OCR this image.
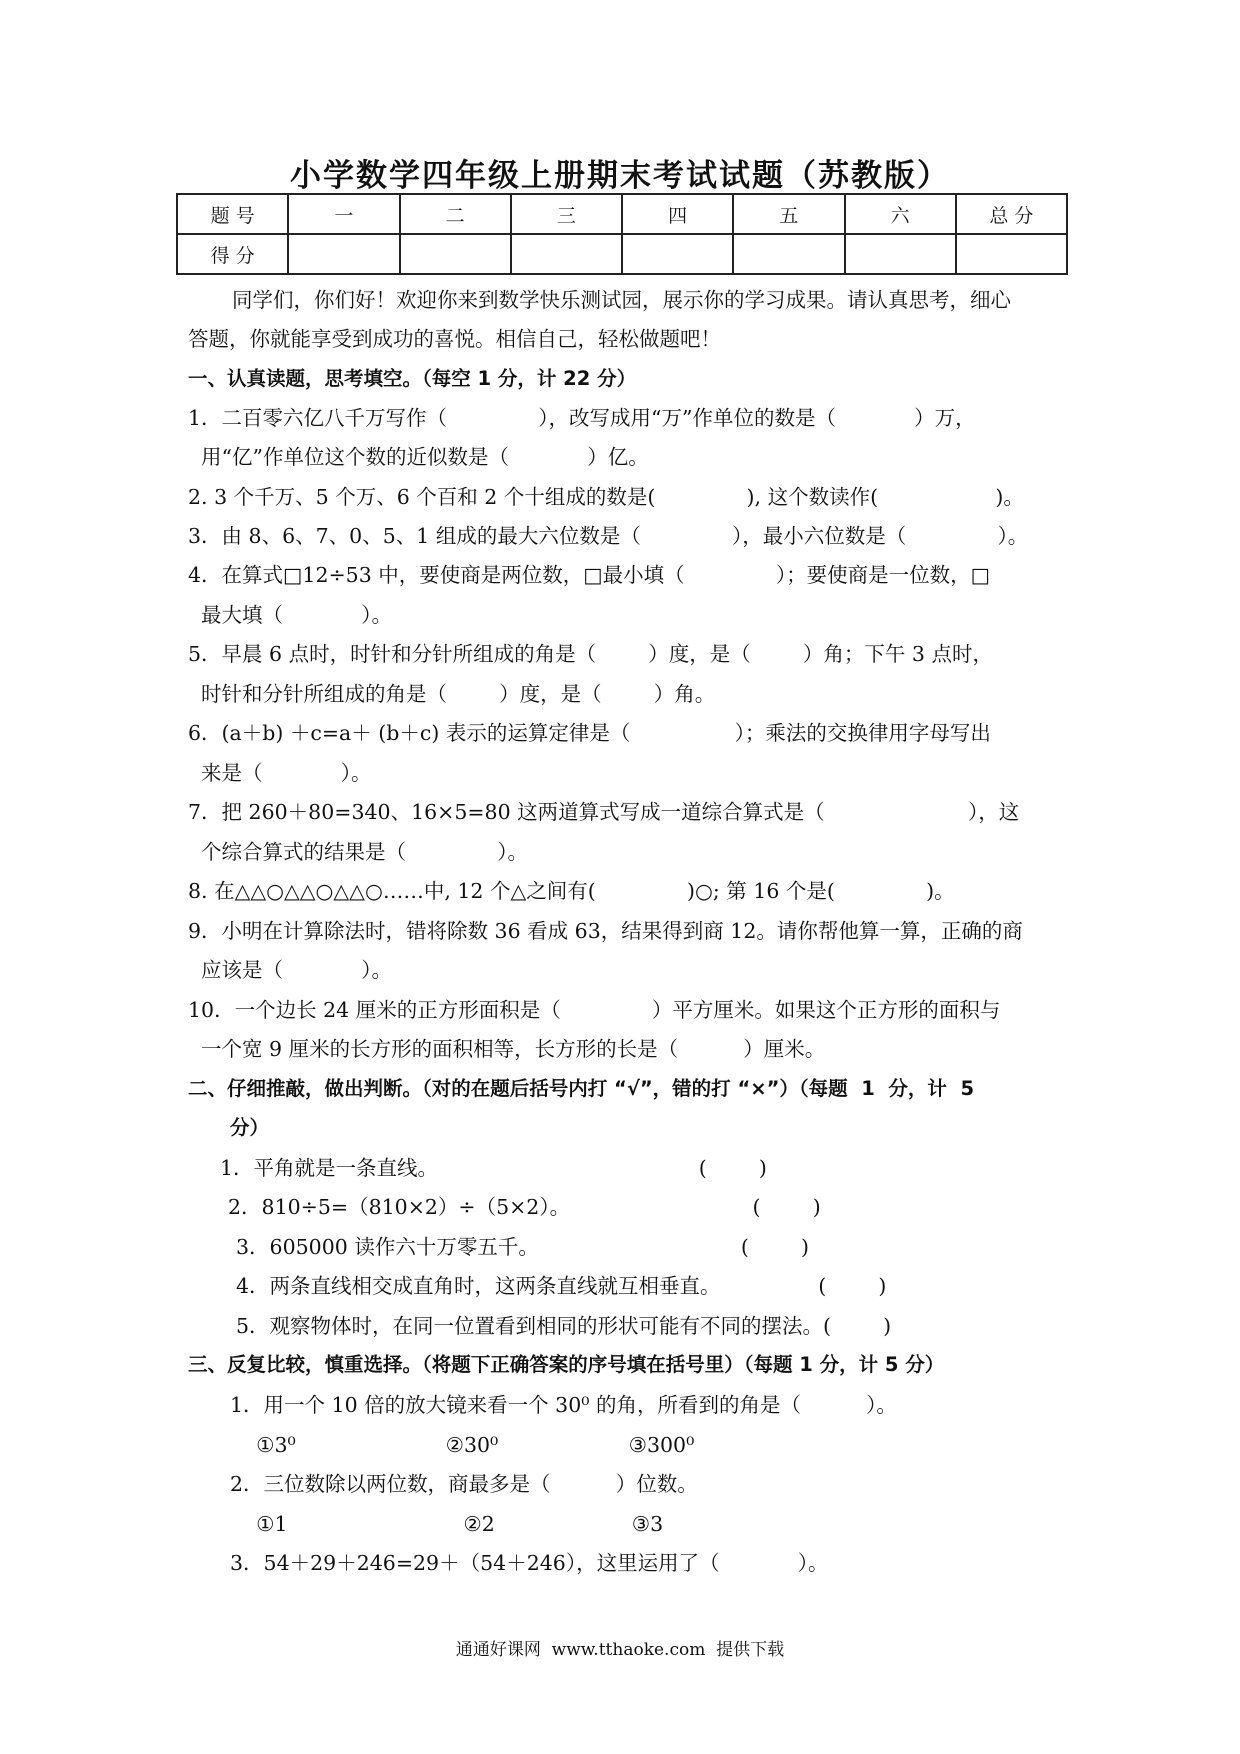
小学数学四年级上册期末考试试题（苏教版）
题 号	一	二	三	四	五	六	总 分
得 分							
同学们，你们好！欢迎你来到数学快乐测试园，展示你的学习成果。请认真思考，细心
答题，你就能享受到成功的喜悦。相信自己，轻松做题吧！
一、认真读题，思考填空。（每空 1 分，计 22 分）
1．二百零六亿八千万写作（              ），改写成用“万”作单位的数是（            ）万，
用“亿”作单位这个数的近似数是（            ）亿。
2. 3 个千万、5 个万、6 个百和 2 个十组成的数是(              ), 这个数读作(                  )。
3．由 8、6、7、0、5、1 组成的最大六位数是（              ），最小六位数是（              ）。
4．在算式□12÷53 中，要使商是两位数，□最小填（              ）；要使商是一位数，□
最大填（            ）。
5．早晨 6 点时，时针和分针所组成的角是（        ）度，是（        ）角；下午 3 点时，
时针和分针所组成的角是（        ）度，是（        ）角。
6．(a＋b) ＋c=a＋ (b＋c) 表示的运算定律是（                ）；乘法的交换律用字母写出
来是（            ）。
7．把 260＋80=340、16×5=80 这两道算式写成一道综合算式是（                      ），这
个综合算式的结果是（              ）。
8. 在△△○△△○△△○……中, 12 个△之间有(              )○; 第 16 个是(              )。
9．小明在计算除法时，错将除数 36 看成 63，结果得到商 12。请你帮他算一算，正确的商
应该是（            ）。
10．一个边长 24 厘米的正方形面积是（              ）平方厘米。如果这个正方形的面积与
一个宽 9 厘米的长方形的面积相等，长方形的长是（          ）厘米。
二、仔细推敲，做出判断。（对的在题后括号内打 “√”，错的打 “×”）（每题  1  分，计  5
分）
1．平角就是一条直线。                                        (        )
2．810÷5=（810×2）÷（5×2）。                            (        )
3．605000 读作六十万零五千。                               (        )
4．两条直线相交成直角时，这两条直线就互相垂直。               (        )
5．观察物体时，在同一位置看到相同的形状可能有不同的摆法。(        )
三、反复比较，慎重选择。（将题下正确答案的序号填在括号里）（每题 1 分，计 5 分）
1．用一个 10 倍的放大镜来看一个 30⁰ 的角，所看到的角是（          ）。
①3⁰                       ②30⁰                    ③300⁰
2．三位数除以两位数，商最多是（          ）位数。
①1                           ②2                     ③3
3．54＋29＋246=29＋（54＋246），这里运用了（            ）。
通通好课网  www.tthaoke.com  提供下载
